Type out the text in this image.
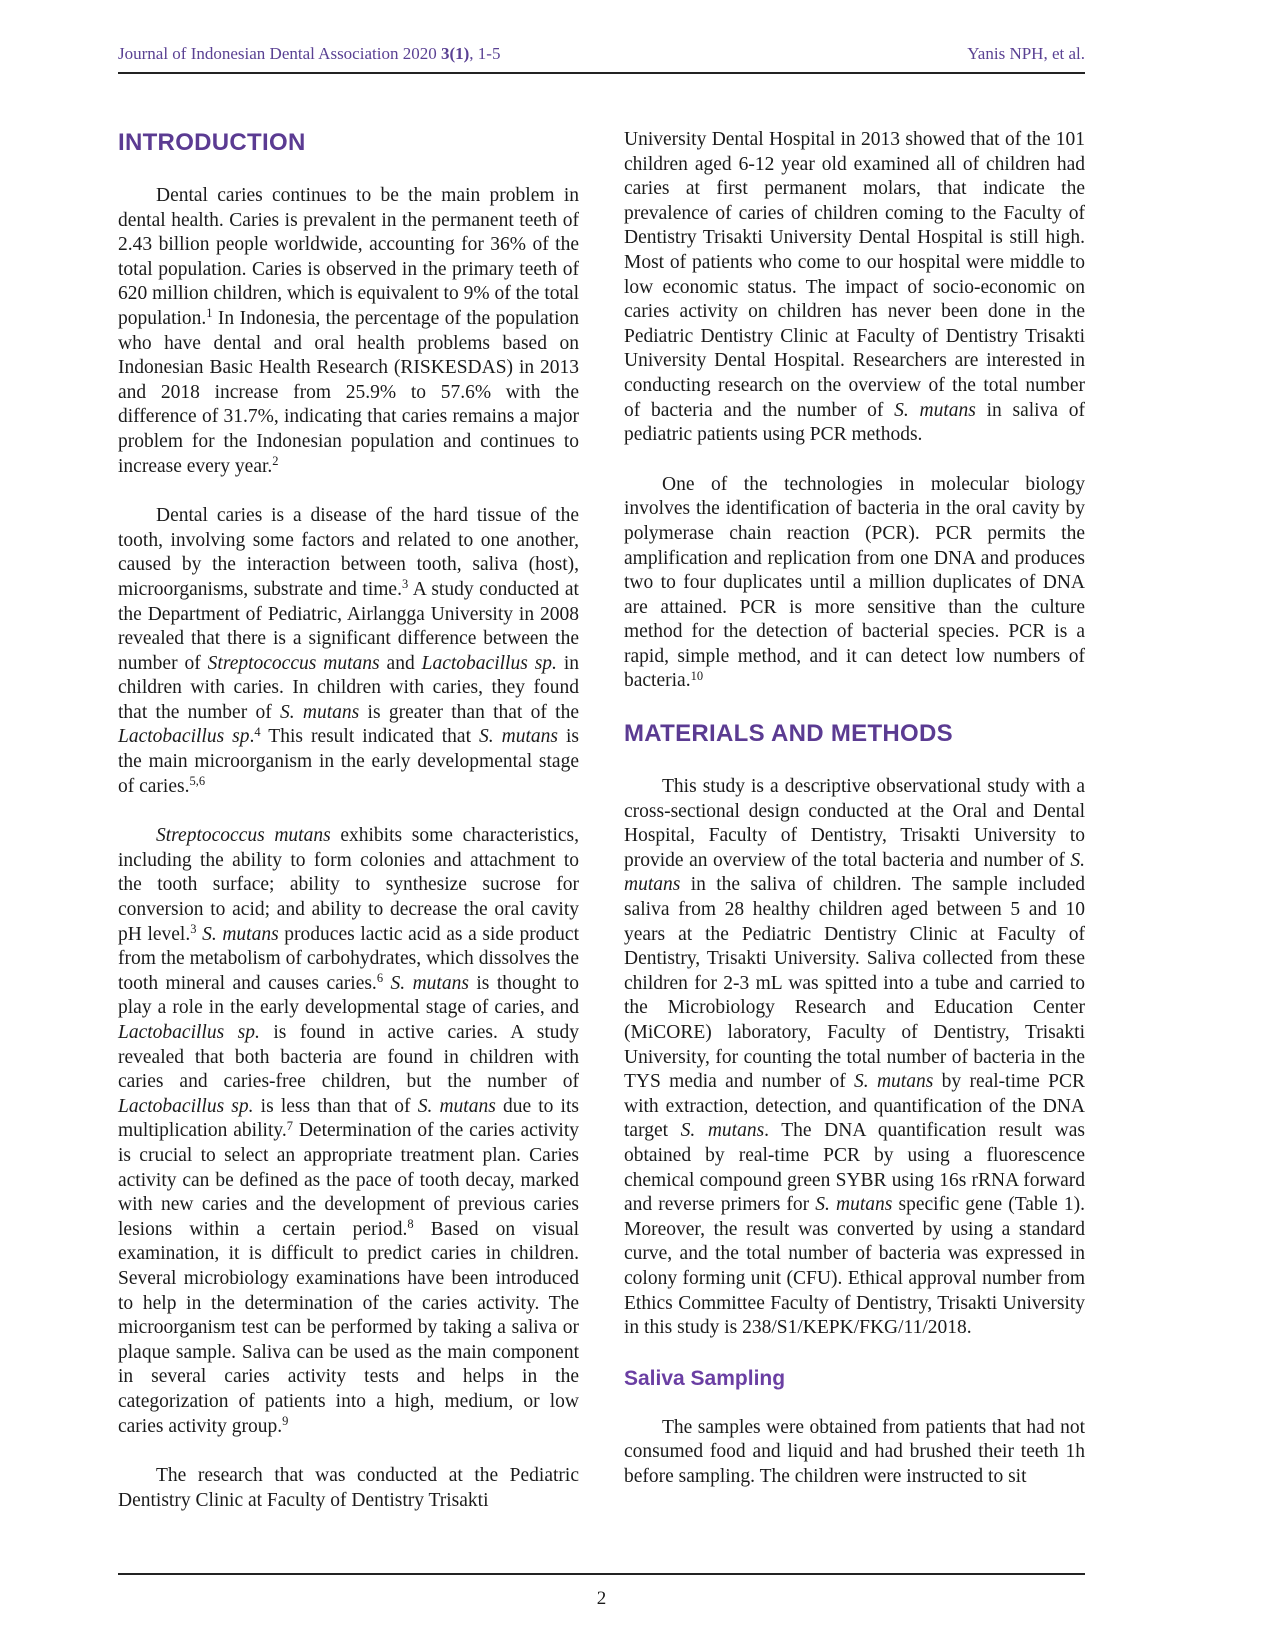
Journal of Indonesian Dental Association 2020 3(1), 1-5	Yanis NPH, et al.
INTRODUCTION

Dental caries continues to be the main problem in dental health. Caries is prevalent in the permanent teeth of 2.43 billion people worldwide, accounting for 36% of the total population. Caries is observed in the primary teeth of 620 million children, which is equivalent to 9% of the total population.$^1$ In Indonesia, the percentage of the population who have dental and oral health problems based on Indonesian Basic Health Research (RISKESDAS) in 2013 and 2018 increase from 25.9% to 57.6% with the difference of 31.7%, indicating that caries remains a major problem for the Indonesian population and continues to increase every year.$^2$

Dental caries is a disease of the hard tissue of the tooth, involving some factors and related to one another, caused by the interaction between tooth, saliva (host), microorganisms, substrate and time.$^3$ A study conducted at the Department of Pediatric, Airlangga University in 2008 revealed that there is a significant difference between the number of Streptococcus mutans and Lactobacillus sp. in children with caries. In children with caries, they found that the number of S. mutans is greater than that of the Lactobacillus sp.$^4$ This result indicated that S. mutans is the main microorganism in the early developmental stage of caries.$^{5,6}$

Streptococcus mutans exhibits some characteristics, including the ability to form colonies and attachment to the tooth surface; ability to synthesize sucrose for conversion to acid; and ability to decrease the oral cavity pH level.$^3$ S. mutans produces lactic acid as a side product from the metabolism of carbohydrates, which dissolves the tooth mineral and causes caries.$^6$ S. mutans is thought to play a role in the early developmental stage of caries, and Lactobacillus sp. is found in active caries. A study revealed that both bacteria are found in children with caries and caries-free children, but the number of Lactobacillus sp. is less than that of S. mutans due to its multiplication ability.$^7$ Determination of the caries activity is crucial to select an appropriate treatment plan. Caries activity can be defined as the pace of tooth decay, marked with new caries and the development of previous caries lesions within a certain period.$^8$ Based on visual examination, it is difficult to predict caries in children. Several microbiology examinations have been introduced to help in the determination of the caries activity. The microorganism test can be performed by taking a saliva or plaque sample. Saliva can be used as the main component in several caries activity tests and helps in the categorization of patients into a high, medium, or low caries activity group.$^9$

The research that was conducted at the Pediatric Dentistry Clinic at Faculty of Dentistry Trisakti

University Dental Hospital in 2013 showed that of the 101 children aged 6-12 year old examined all of children had caries at first permanent molars, that indicate the prevalence of caries of children coming to the Faculty of Dentistry Trisakti University Dental Hospital is still high. Most of patients who come to our hospital were middle to low economic status. The impact of socio-economic on caries activity on children has never been done in the Pediatric Dentistry Clinic at Faculty of Dentistry Trisakti University Dental Hospital. Researchers are interested in conducting research on the overview of the total number of bacteria and the number of S. mutans in saliva of pediatric patients using PCR methods.

One of the technologies in molecular biology involves the identification of bacteria in the oral cavity by polymerase chain reaction (PCR). PCR permits the amplification and replication from one DNA and produces two to four duplicates until a million duplicates of DNA are attained. PCR is more sensitive than the culture method for the detection of bacterial species. PCR is a rapid, simple method, and it can detect low numbers of bacteria.$^{10}$

MATERIALS AND METHODS

This study is a descriptive observational study with a cross-sectional design conducted at the Oral and Dental Hospital, Faculty of Dentistry, Trisakti University to provide an overview of the total bacteria and number of S. mutans in the saliva of children. The sample included saliva from 28 healthy children aged between 5 and 10 years at the Pediatric Dentistry Clinic at Faculty of Dentistry, Trisakti University. Saliva collected from these children for 2-3 mL was spitted into a tube and carried to the Microbiology Research and Education Center (MiCORE) laboratory, Faculty of Dentistry, Trisakti University, for counting the total number of bacteria in the TYS media and number of S. mutans by real-time PCR with extraction, detection, and quantification of the DNA target S. mutans. The DNA quantification result was obtained by real-time PCR by using a fluorescence chemical compound green SYBR using 16s rRNA forward and reverse primers for S. mutans specific gene (Table 1). Moreover, the result was converted by using a standard curve, and the total number of bacteria was expressed in colony forming unit (CFU). Ethical approval number from Ethics Committee Faculty of Dentistry, Trisakti University in this study is 238/S1/KEPK/FKG/11/2018.

Saliva Sampling

The samples were obtained from patients that had not consumed food and liquid and had brushed their teeth 1h before sampling. The children were instructed to sit

2
